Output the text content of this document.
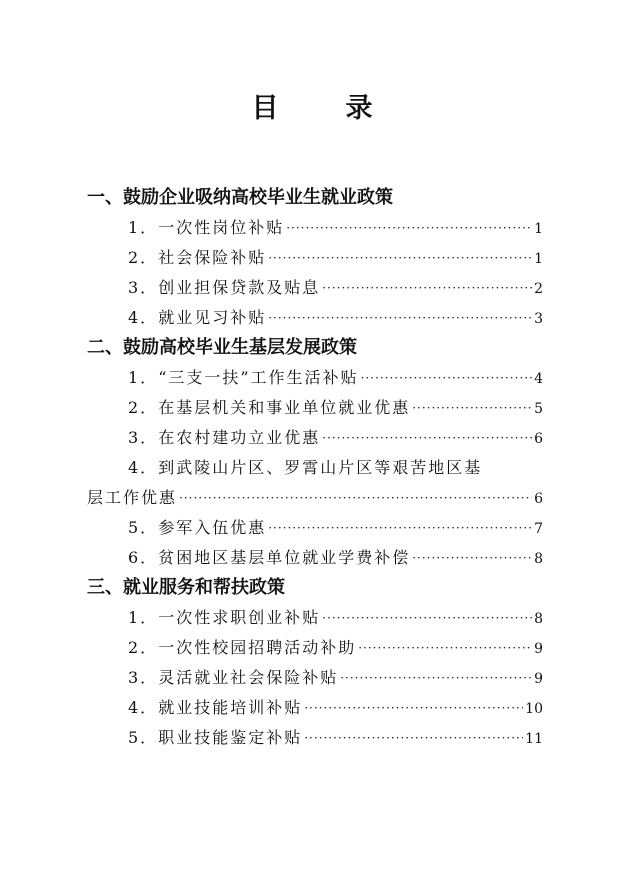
目 录
一、鼓励企业吸纳高校毕业生就业政策
1． 一次性岗位补贴 ·····	1
2． 社会保险补贴 ·····	1
3． 创业担保贷款及贴息 ·····	2
4． 就业见习补贴 ·····	3
二、鼓励高校毕业生基层发展政策
1． “三支一扶”工作生活补贴 ·····	4
2． 在基层机关和事业单位就业优惠 ·····	5
3． 在农村建功立业优惠 ·····	6
4． 到武陵山片区、罗霄山片区等艰苦地区基
层工作优惠 ·····	6
5． 参军入伍优惠 ·····	7
6． 贫困地区基层单位就业学费补偿 ·····	8
三、就业服务和帮扶政策
1． 一次性求职创业补贴 ·····	8
2． 一次性校园招聘活动补助 ·····	9
3． 灵活就业社会保险补贴 ·····	9
4． 就业技能培训补贴 ·····	10
5． 职业技能鉴定补贴 ·····	11
